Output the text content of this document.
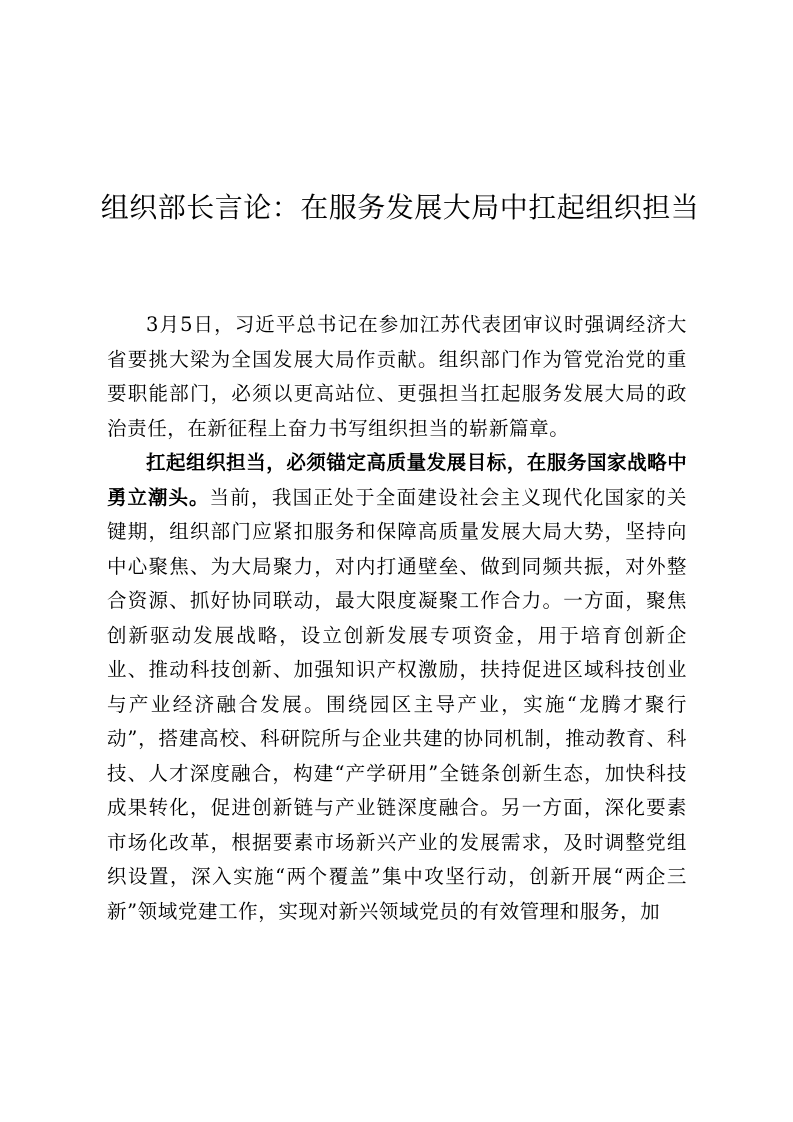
组织部长言论：在服务发展大局中扛起组织担当

3月5日，习近平总书记在参加江苏代表团审议时强调经济大省要挑大梁为全国发展大局作贡献。组织部门作为管党治党的重要职能部门，必须以更高站位、更强担当扛起服务发展大局的政治责任，在新征程上奋力书写组织担当的崭新篇章。

扛起组织担当，必须锚定高质量发展目标，在服务国家战略中勇立潮头。当前，我国正处于全面建设社会主义现代化国家的关键期，组织部门应紧扣服务和保障高质量发展大局大势，坚持向中心聚焦、为大局聚力，对内打通壁垒、做到同频共振，对外整合资源、抓好协同联动，最大限度凝聚工作合力。一方面，聚焦创新驱动发展战略，设立创新发展专项资金，用于培育创新企业、推动科技创新、加强知识产权激励，扶持促进区域科技创业与产业经济融合发展。围绕园区主导产业，实施“龙腾才聚行动”，搭建高校、科研院所与企业共建的协同机制，推动教育、科技、人才深度融合，构建“产学研用”全链条创新生态，加快科技成果转化，促进创新链与产业链深度融合。另一方面，深化要素市场化改革，根据要素市场新兴产业的发展需求，及时调整党组织设置，深入实施“两个覆盖”集中攻坚行动，创新开展“两企三新”领域党建工作，实现对新兴领域党员的有效管理和服务，加
